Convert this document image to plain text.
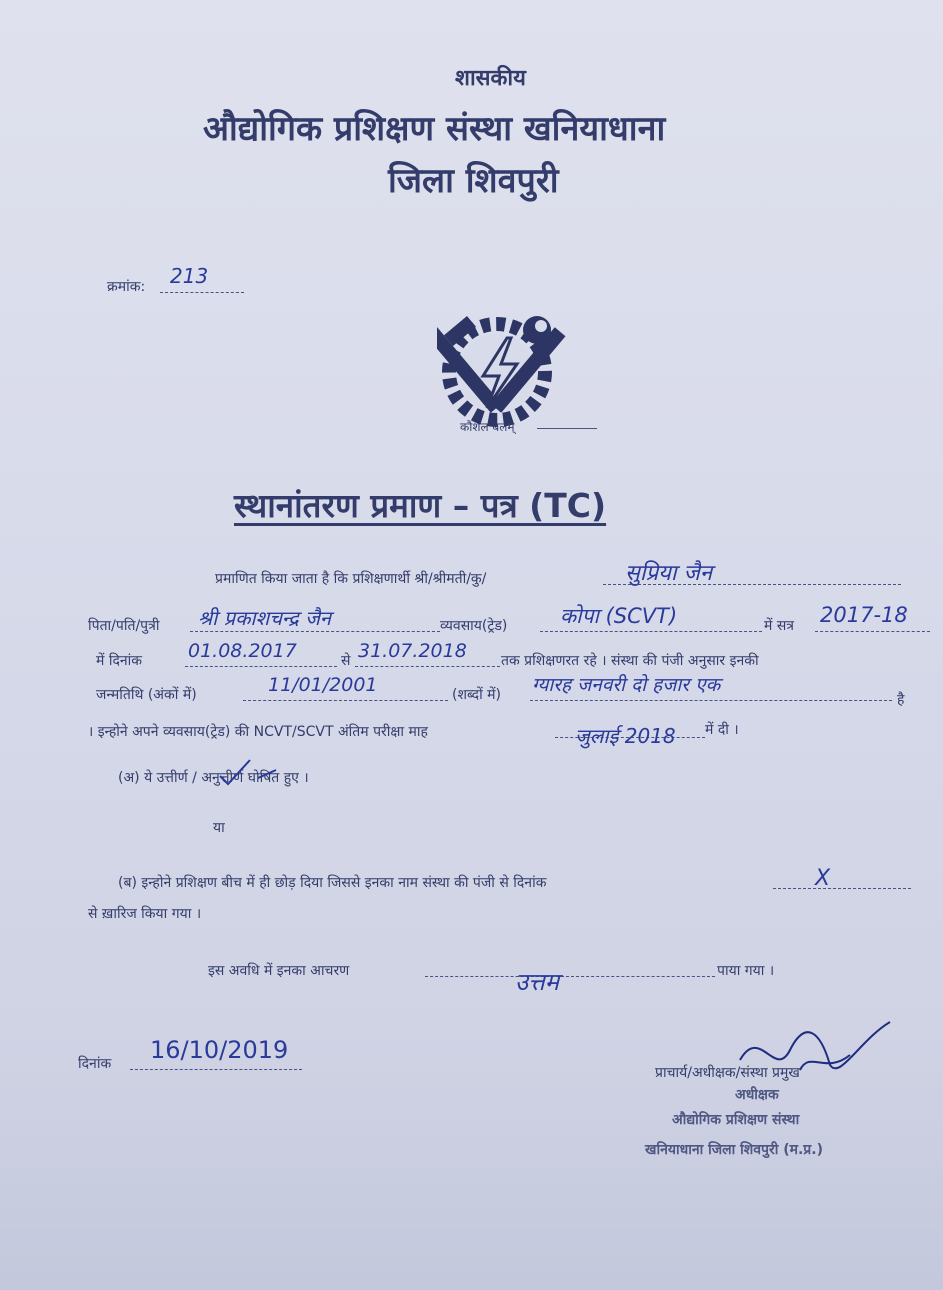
शासकीय
औद्योगिक प्रशिक्षण संस्था खनियाधाना
जिला शिवपुरी
क्रमांक: 213
कौशल बलम्
स्थानांतरण प्रमाण – पत्र (TC)
प्रमाणित किया जाता है कि प्रशिक्षणार्थी श्री/श्रीमती/कु/	सुप्रिया जैन
पिता/पति/पुत्री श्री प्रकाशचन्द्र जैन	व्यवसाय(ट्रेड)	कोपा (SCVT)	में सत्र 2017-18
में दिनांक 01.08.2017	से 31.07.2018 तक प्रशिक्षणरत रहे । संस्था की पंजी अनुसार इनकी
जन्मतिथि (अंकों में)	11/01/2001	(शब्दों में) ग्यारह जनवरी दो हजार एक
है
। इन्होने अपने व्यवसाय(ट्रेड) की NCVT/SCVT अंतिम परीक्षा माह	जुलाई 2018 में दी ।
(अ) ये उत्तीर्ण / अनुत्तीर्ण घोषित हुए ।
या
(ब) इन्होने प्रशिक्षण बीच में ही छोड़ दिया जिससे इनका नाम संस्था की पंजी से दिनांक	X
से ख़ारिज किया गया ।
इस अवधि में इनका आचरण	उत्तम	पाया गया ।
दिनांक 16/10/2019
प्राचार्य/अधीक्षक/संस्था प्रमुख
अधीक्षक
औद्योगिक प्रशिक्षण संस्था
खनियाधाना जिला शिवपुरी (म.प्र.)
